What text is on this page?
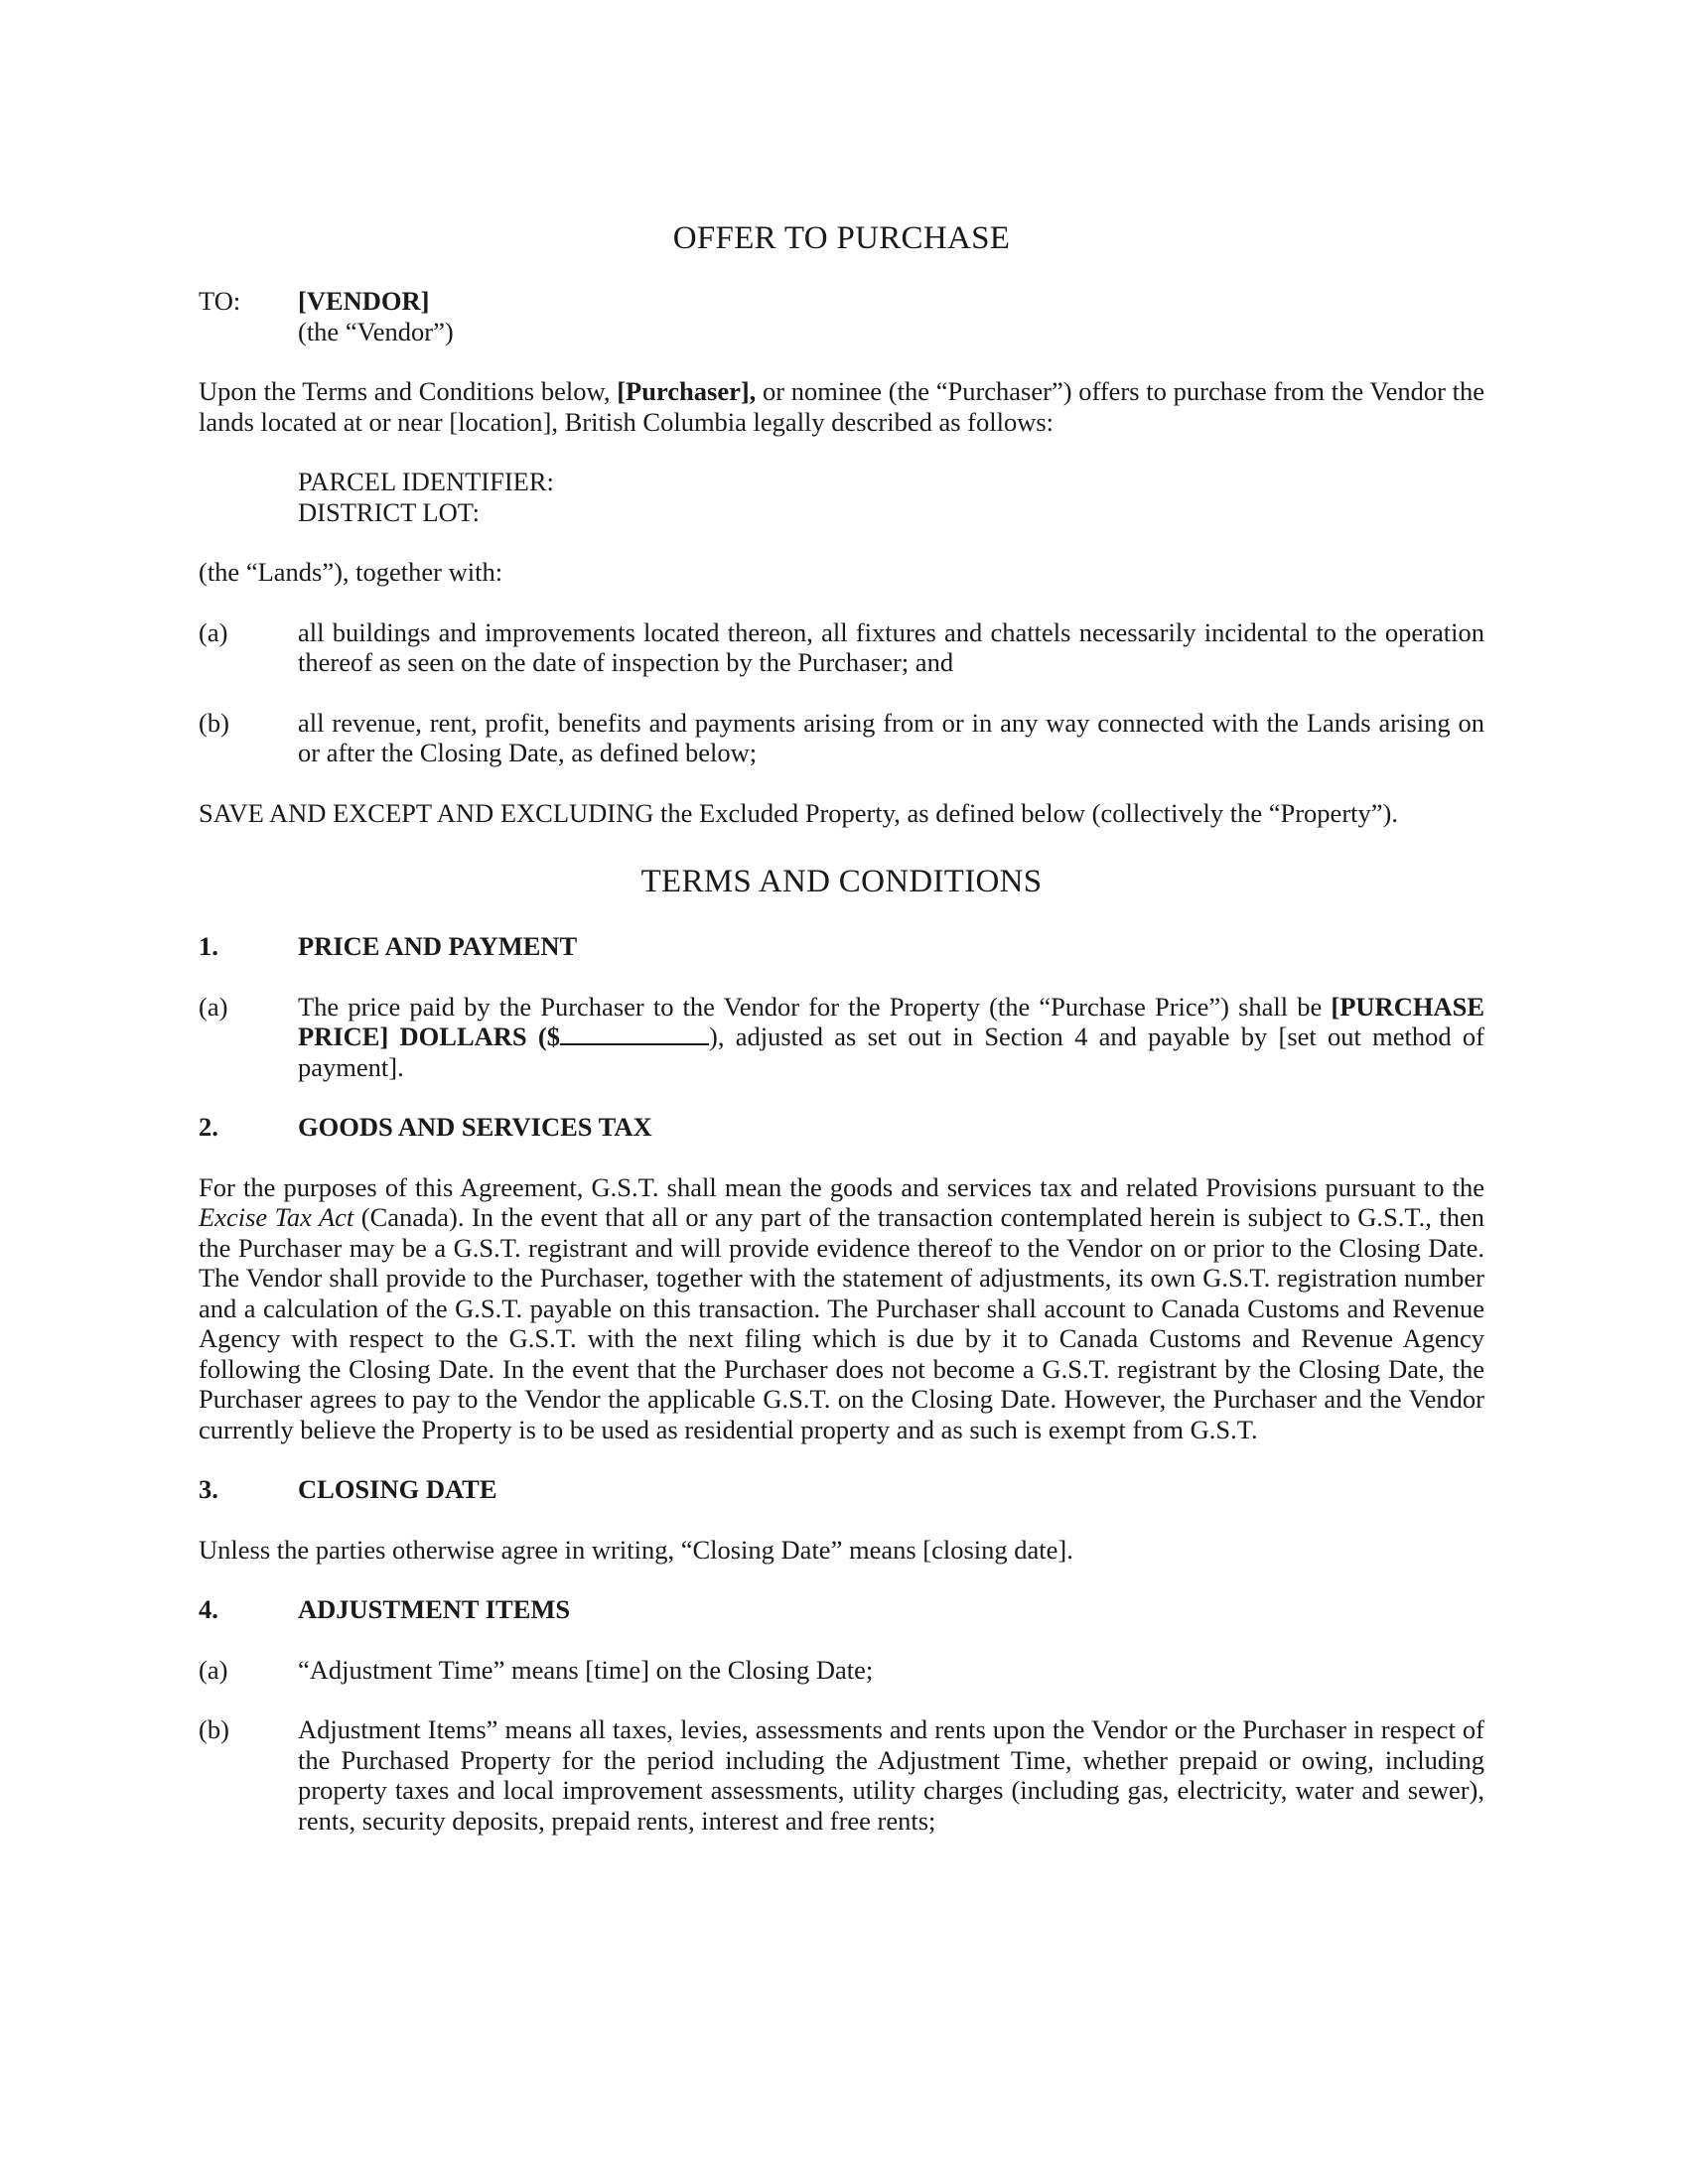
OFFER TO PURCHASE
TO:	[VENDOR]
(the “Vendor”)

Upon the Terms and Conditions below, [Purchaser], or nominee (the “Purchaser”) offers to purchase from the Vendor the lands located at or near [location], British Columbia legally described as follows:

PARCEL IDENTIFIER:
DISTRICT LOT:

(the “Lands”), together with:

(a)	all buildings and improvements located thereon, all fixtures and chattels necessarily incidental to the operation thereof as seen on the date of inspection by the Purchaser; and
(b)	all revenue, rent, profit, benefits and payments arising from or in any way connected with the Lands arising on or after the Closing Date, as defined below;

SAVE AND EXCEPT AND EXCLUDING the Excluded Property, as defined below (collectively the “Property”).

TERMS AND CONDITIONS
1.	PRICE AND PAYMENT
(a)	The price paid by the Purchaser to the Vendor for the Property (the “Purchase Price”) shall be [PURCHASE PRICE] DOLLARS ($	), adjusted as set out in Section 4 and payable by [set out method of payment].
2.	GOODS AND SERVICES TAX

For the purposes of this Agreement, G.S.T. shall mean the goods and services tax and related Provisions pursuant to the Excise Tax Act (Canada). In the event that all or any part of the transaction contemplated herein is subject to G.S.T., then the Purchaser may be a G.S.T. registrant and will provide evidence thereof to the Vendor on or prior to the Closing Date. The Vendor shall provide to the Purchaser, together with the statement of adjustments, its own G.S.T. registration number and a calculation of the G.S.T. payable on this transaction. The Purchaser shall account to Canada Customs and Revenue Agency with respect to the G.S.T. with the next filing which is due by it to Canada Customs and Revenue Agency following the Closing Date. In the event that the Purchaser does not become a G.S.T. registrant by the Closing Date, the Purchaser agrees to pay to the Vendor the applicable G.S.T. on the Closing Date. However, the Purchaser and the Vendor currently believe the Property is to be used as residential property and as such is exempt from G.S.T.

3.	CLOSING DATE

Unless the parties otherwise agree in writing, “Closing Date” means [closing date].

4.	ADJUSTMENT ITEMS
(a)	“Adjustment Time” means [time] on the Closing Date;
(b)	Adjustment Items” means all taxes, levies, assessments and rents upon the Vendor or the Purchaser in respect of the Purchased Property for the period including the Adjustment Time, whether prepaid or owing, including property taxes and local improvement assessments, utility charges (including gas, electricity, water and sewer), rents, security deposits, prepaid rents, interest and free rents;
